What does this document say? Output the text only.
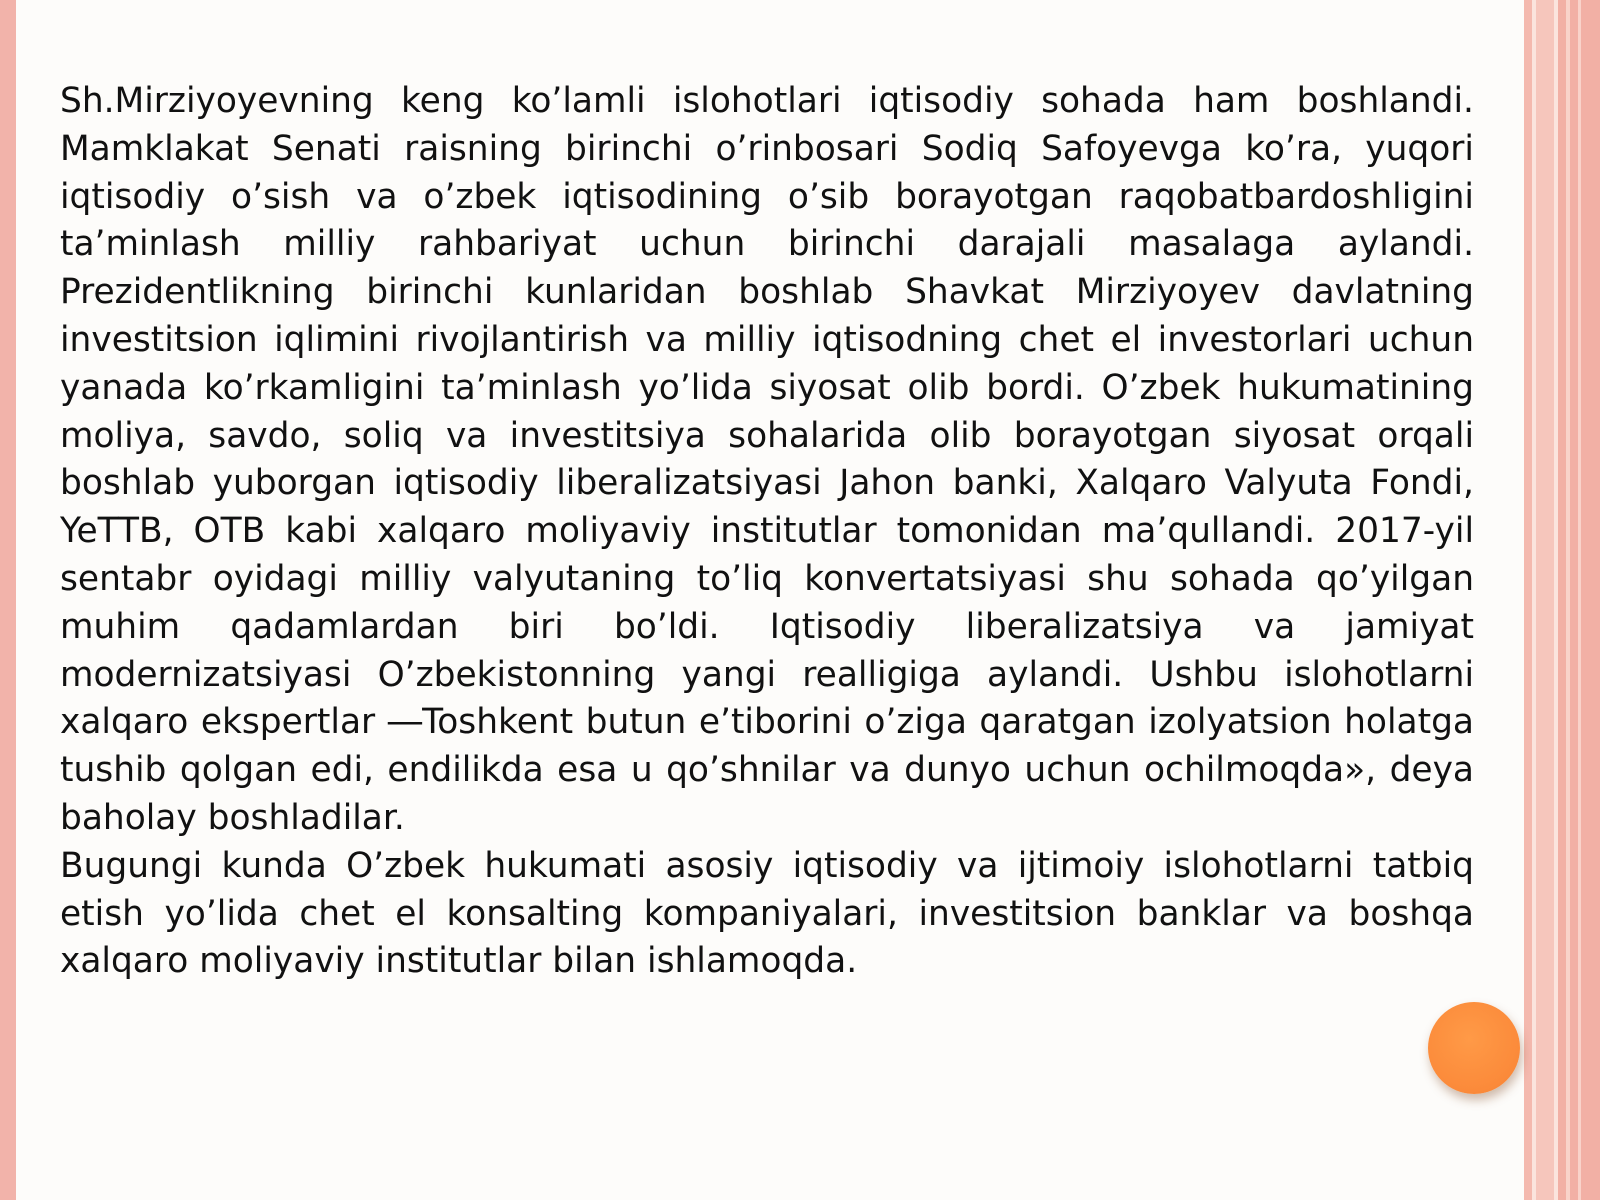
Sh.Mirziyoyevning keng ko’lamli islohotlari iqtisodiy sohada ham boshlandi. Mamklakat Senati raisning birinchi o’rinbosari Sodiq Safoyevga ko’ra, yuqori iqtisodiy o’sish va o’zbek iqtisodining o’sib borayotgan raqobatbardoshligini ta’minlash milliy rahbariyat uchun birinchi darajali masalaga aylandi. Prezidentlikning birinchi kunlaridan boshlab Shavkat Mirziyoyev davlatning investitsion iqlimini rivojlantirish va milliy iqtisodning chet el investorlari uchun yanada ko’rkamligini ta’minlash yo’lida siyosat olib bordi. O’zbek hukumatining moliya, savdo, soliq va investitsiya sohalarida olib borayotgan siyosat orqali boshlab yuborgan iqtisodiy liberalizatsiyasi Jahon banki, Xalqaro Valyuta Fondi, YeTTB, OTB kabi xalqaro moliyaviy institutlar tomonidan ma’qullandi. 2017-yil sentabr oyidagi milliy valyutaning to’liq konvertatsiyasi shu sohada qo’yilgan muhim qadamlardan biri bo’ldi. Iqtisodiy liberalizatsiya va jamiyat modernizatsiyasi O’zbekistonning yangi realligiga aylandi. Ushbu islohotlarni xalqaro ekspertlar ―Toshkent butun e’tiborini o’ziga qaratgan izolyatsion holatga tushib qolgan edi, endilikda esa u qo’shnilar va dunyo uchun ochilmoqda», deya baholay boshladilar.

Bugungi kunda O’zbek hukumati asosiy iqtisodiy va ijtimoiy islohotlarni tatbiq etish yo’lida chet el konsalting kompaniyalari, investitsion banklar va boshqa xalqaro moliyaviy institutlar bilan ishlamoqda.
